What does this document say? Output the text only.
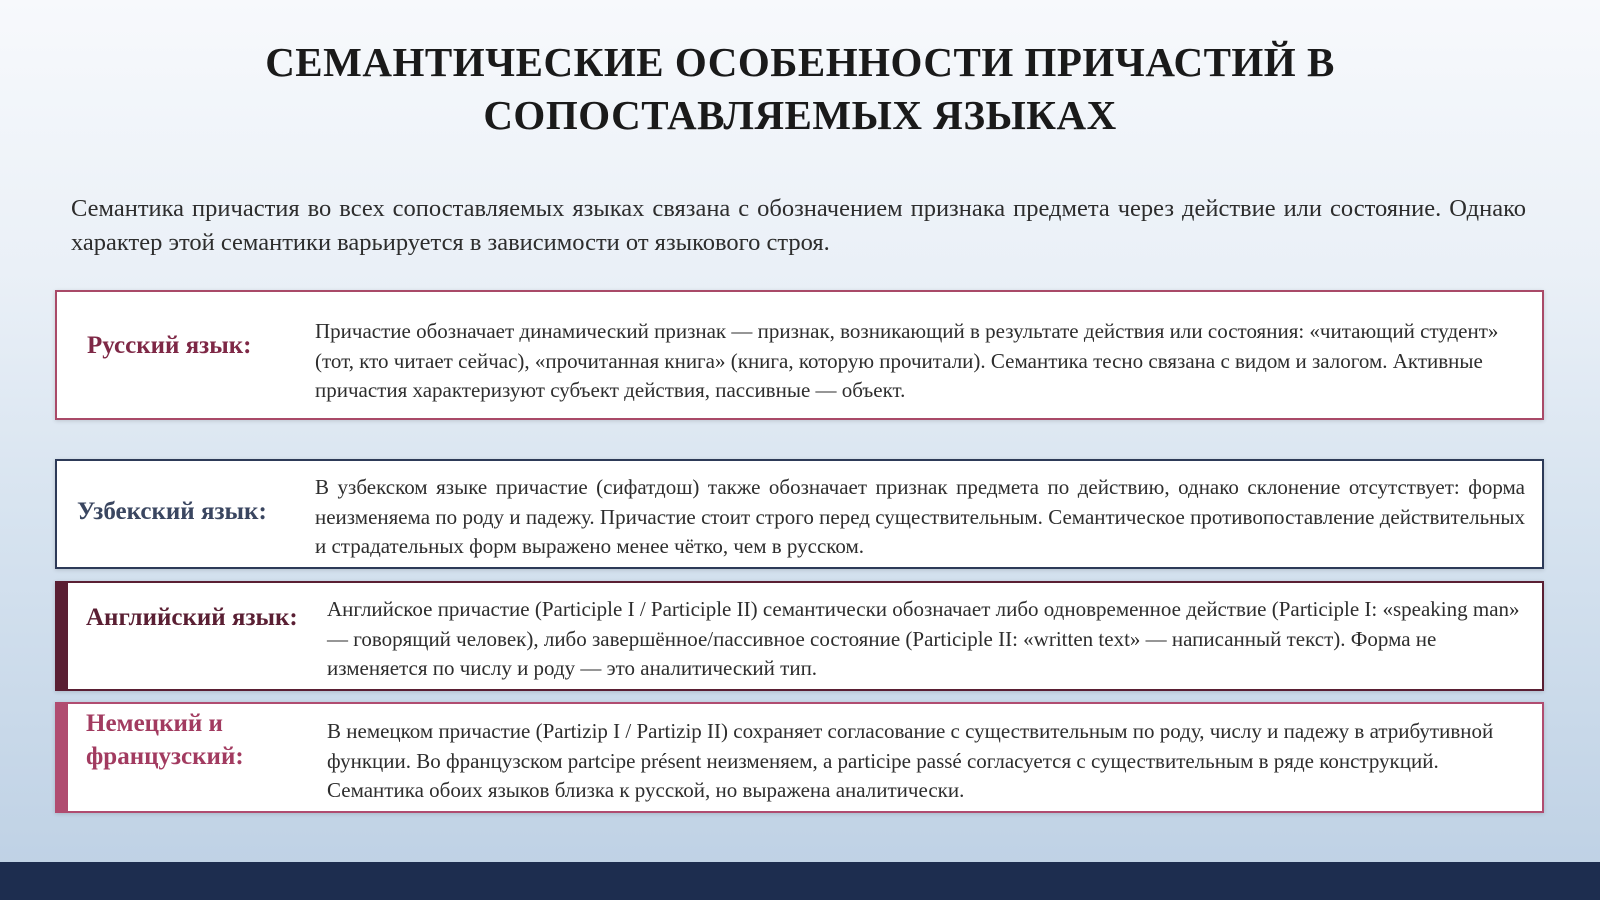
СЕМАНТИЧЕСКИЕ ОСОБЕННОСТИ ПРИЧАСТИЙ В
СОПОСТАВЛЯЕМЫХ ЯЗЫКАХ
Семантика причастия во всех сопоставляемых языках связана с обозначением признака предмета через действие или состояние. Однако характер этой семантики варьируется в зависимости от языкового строя.
Русский язык:
Причастие обозначает динамический признак — признак, возникающий в результате действия или состояния: «читающий студент» (тот, кто читает сейчас), «прочитанная книга» (книга, которую прочитали). Семантика тесно связана с видом и залогом. Активные причастия характеризуют субъект действия, пассивные — объект.
Узбекский язык:
В узбекском языке причастие (сифатдош) также обозначает признак предмета по действию, однако склонение отсутствует: форма неизменяема по роду и падежу. Причастие стоит строго перед существительным. Семантическое противопоставление действительных и страдательных форм выражено менее чётко, чем в русском.
Английский язык: Английское причастие (Participle I / Participle II) семантически обозначает либо одновременное действие (Participle I: «speaking man» — говорящий человек), либо завершённое/пассивное состояние (Participle II: «written text» — написанный текст). Форма не изменяется по числу и роду — это аналитический тип.
Немецкий и французский:
В немецком причастие (Partizip I / Partizip II) сохраняет согласование с существительным по роду, числу и падежу в атрибутивной функции. Во французском partcipe présent неизменяем, а participe passé согласуется с существительным в ряде конструкций. Семантика обоих языков близка к русской, но выражена аналитически.
